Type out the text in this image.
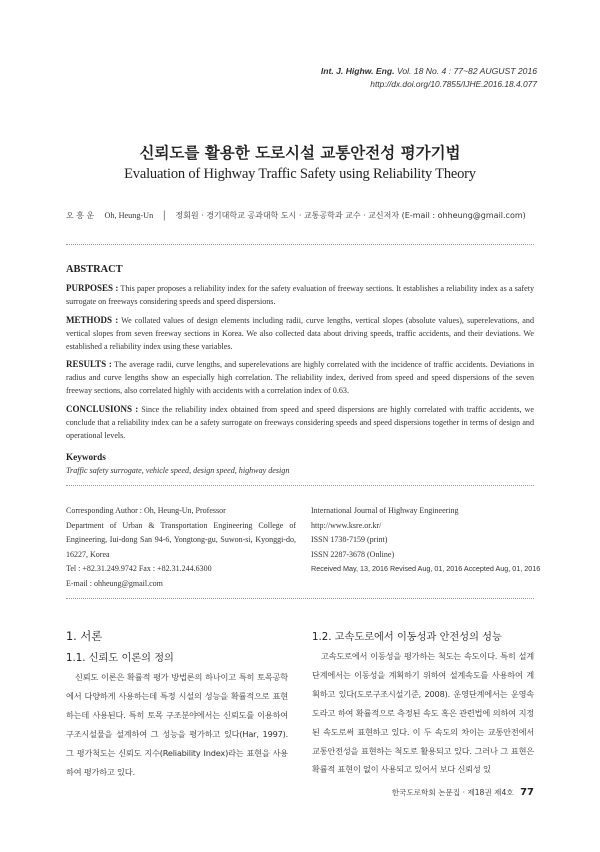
Int. J. Highw. Eng. Vol. 18 No. 4 : 77~82 AUGUST 2016
http://dx.doi.org/10.7855/IJHE.2016.18.4.077
신뢰도를 활용한 도로시설 교통안전성 평가기법
Evaluation of Highway Traffic Safety using Reliability Theory
오 흥 운 Oh, Heung-Un │ 정회원 · 경기대학교 공과대학 도시 · 교통공학과 교수 · 교신저자 (E-mail : ohheung@gmail.com)
ABSTRACT

PURPOSES : This paper proposes a reliability index for the safety evaluation of freeway sections. It establishes a reliability index as a safety surrogate on freeways considering speeds and speed dispersions.

METHODS : We collated values of design elements including radii, curve lengths, vertical slopes (absolute values), superelevations, and vertical slopes from seven freeway sections in Korea. We also collected data about driving speeds, traffic accidents, and their deviations. We established a reliability index using these variables.

RESULTS : The average radii, curve lengths, and superelevations are highly correlated with the incidence of traffic accidents. Deviations in radius and curve lengths show an especially high correlation. The reliability index, derived from speed and speed dispersions of the seven freeway sections, also correlated highly with accidents with a correlation index of 0.63.

CONCLUSIONS : Since the reliability index obtained from speed and speed dispersions are highly correlated with traffic accidents, we conclude that a reliability index can be a safety surrogate on freeways considering speeds and speed dispersions together in terms of design and operational levels.

Keywords
Traffic safety surrogate, vehicle speed, design speed, highway design
Corresponding Author : Oh, Heung-Un, Professor
Department of Urban & Transportation Engineering College of Engineering, Iui-dong San 94-6, Yongtong-gu, Suwon-si, Kyonggi-do, 16227, Korea
Tel : +82.31.249.9742 Fax : +82.31.244.6300
E-mail : ohheung@gmail.com
International Journal of Highway Engineering
http://www.ksre.or.kr/
ISSN 1738-7159 (print)
ISSN 2287-3678 (Online)
Received May, 13, 2016 Revised Aug, 01, 2016 Accepted Aug, 01, 2016
1. 서론
1.1. 신뢰도 이론의 정의

신뢰도 이론은 확률적 평가 방법론의 하나이고 특히 토목공학에서 다양하게 사용하는데 특정 시설의 성능을 확률적으로 표현하는데 사용된다. 특히 토목 구조분야에서는 신뢰도를 이용하여 구조시설물을 설계하여 그 성능을 평가하고 있다(Har, 1997). 그 평가척도는 신뢰도 지수(Reliability Index)라는 표현을 사용하여 평가하고 있다.

1.2. 고속도로에서 이동성과 안전성의 성능

고속도로에서 이동성을 평가하는 척도는 속도이다. 특히 설계단계에서는 이동성을 계획하기 위하여 설계속도를 사용하여 계획하고 있다(도로구조시설기준, 2008). 운영단계에서는 운영속도라고 하여 확률적으로 측정된 속도 혹은 관련법에 의하여 지정된 속도로써 표현하고 있다. 이 두 속도의 차이는 교통안전에서 교통안전성을 표현하는 척도로 활용되고 있다. 그러나 그 표현은 확률적 표현이 없이 사용되고 있어서 보다 신뢰성 있

한국도로학회 논문집 · 제18권 제4호 77
